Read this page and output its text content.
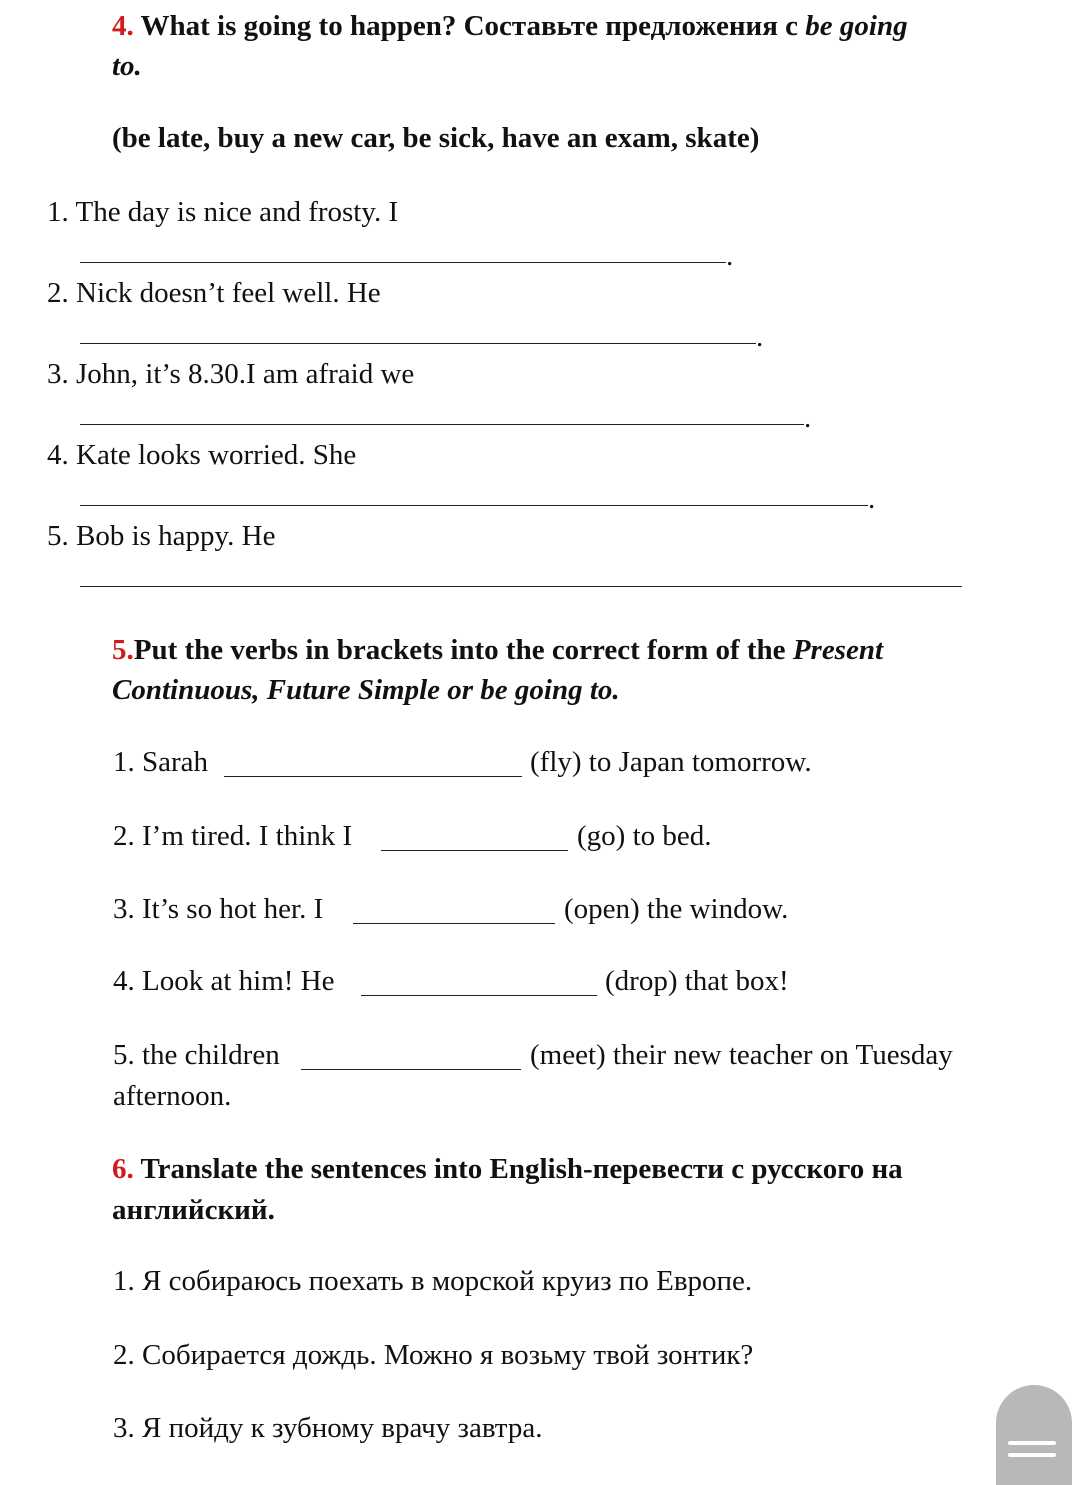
4. What is going to happen? Составьте предложения с be going
to.
(be late, buy a new car, be sick, have an exam, skate)
1. The day is nice and frosty. I
.
2. Nick doesn’t feel well. He
.
3. John, it’s 8.30.I am afraid we
.
4. Kate looks worried. She
.
5. Bob is happy. He
5.Put the verbs in brackets into the correct form of the Present
Continuous, Future Simple or be going to.
1. Sarah	(fly) to Japan tomorrow.
2. I’m tired. I think I	(go) to bed.
3. It’s so hot her. I	(open) the window.
4. Look at him! He	(drop) that box!
5. the children	(meet) their new teacher on Tuesday
afternoon.
6. Translate the sentences into English-перевести с русского на
английский.
1. Я собираюсь поехать в морской круиз по Европе.
2. Собирается дождь. Можно я возьму твой зонтик?
3. Я пойду к зубному врачу завтра.
